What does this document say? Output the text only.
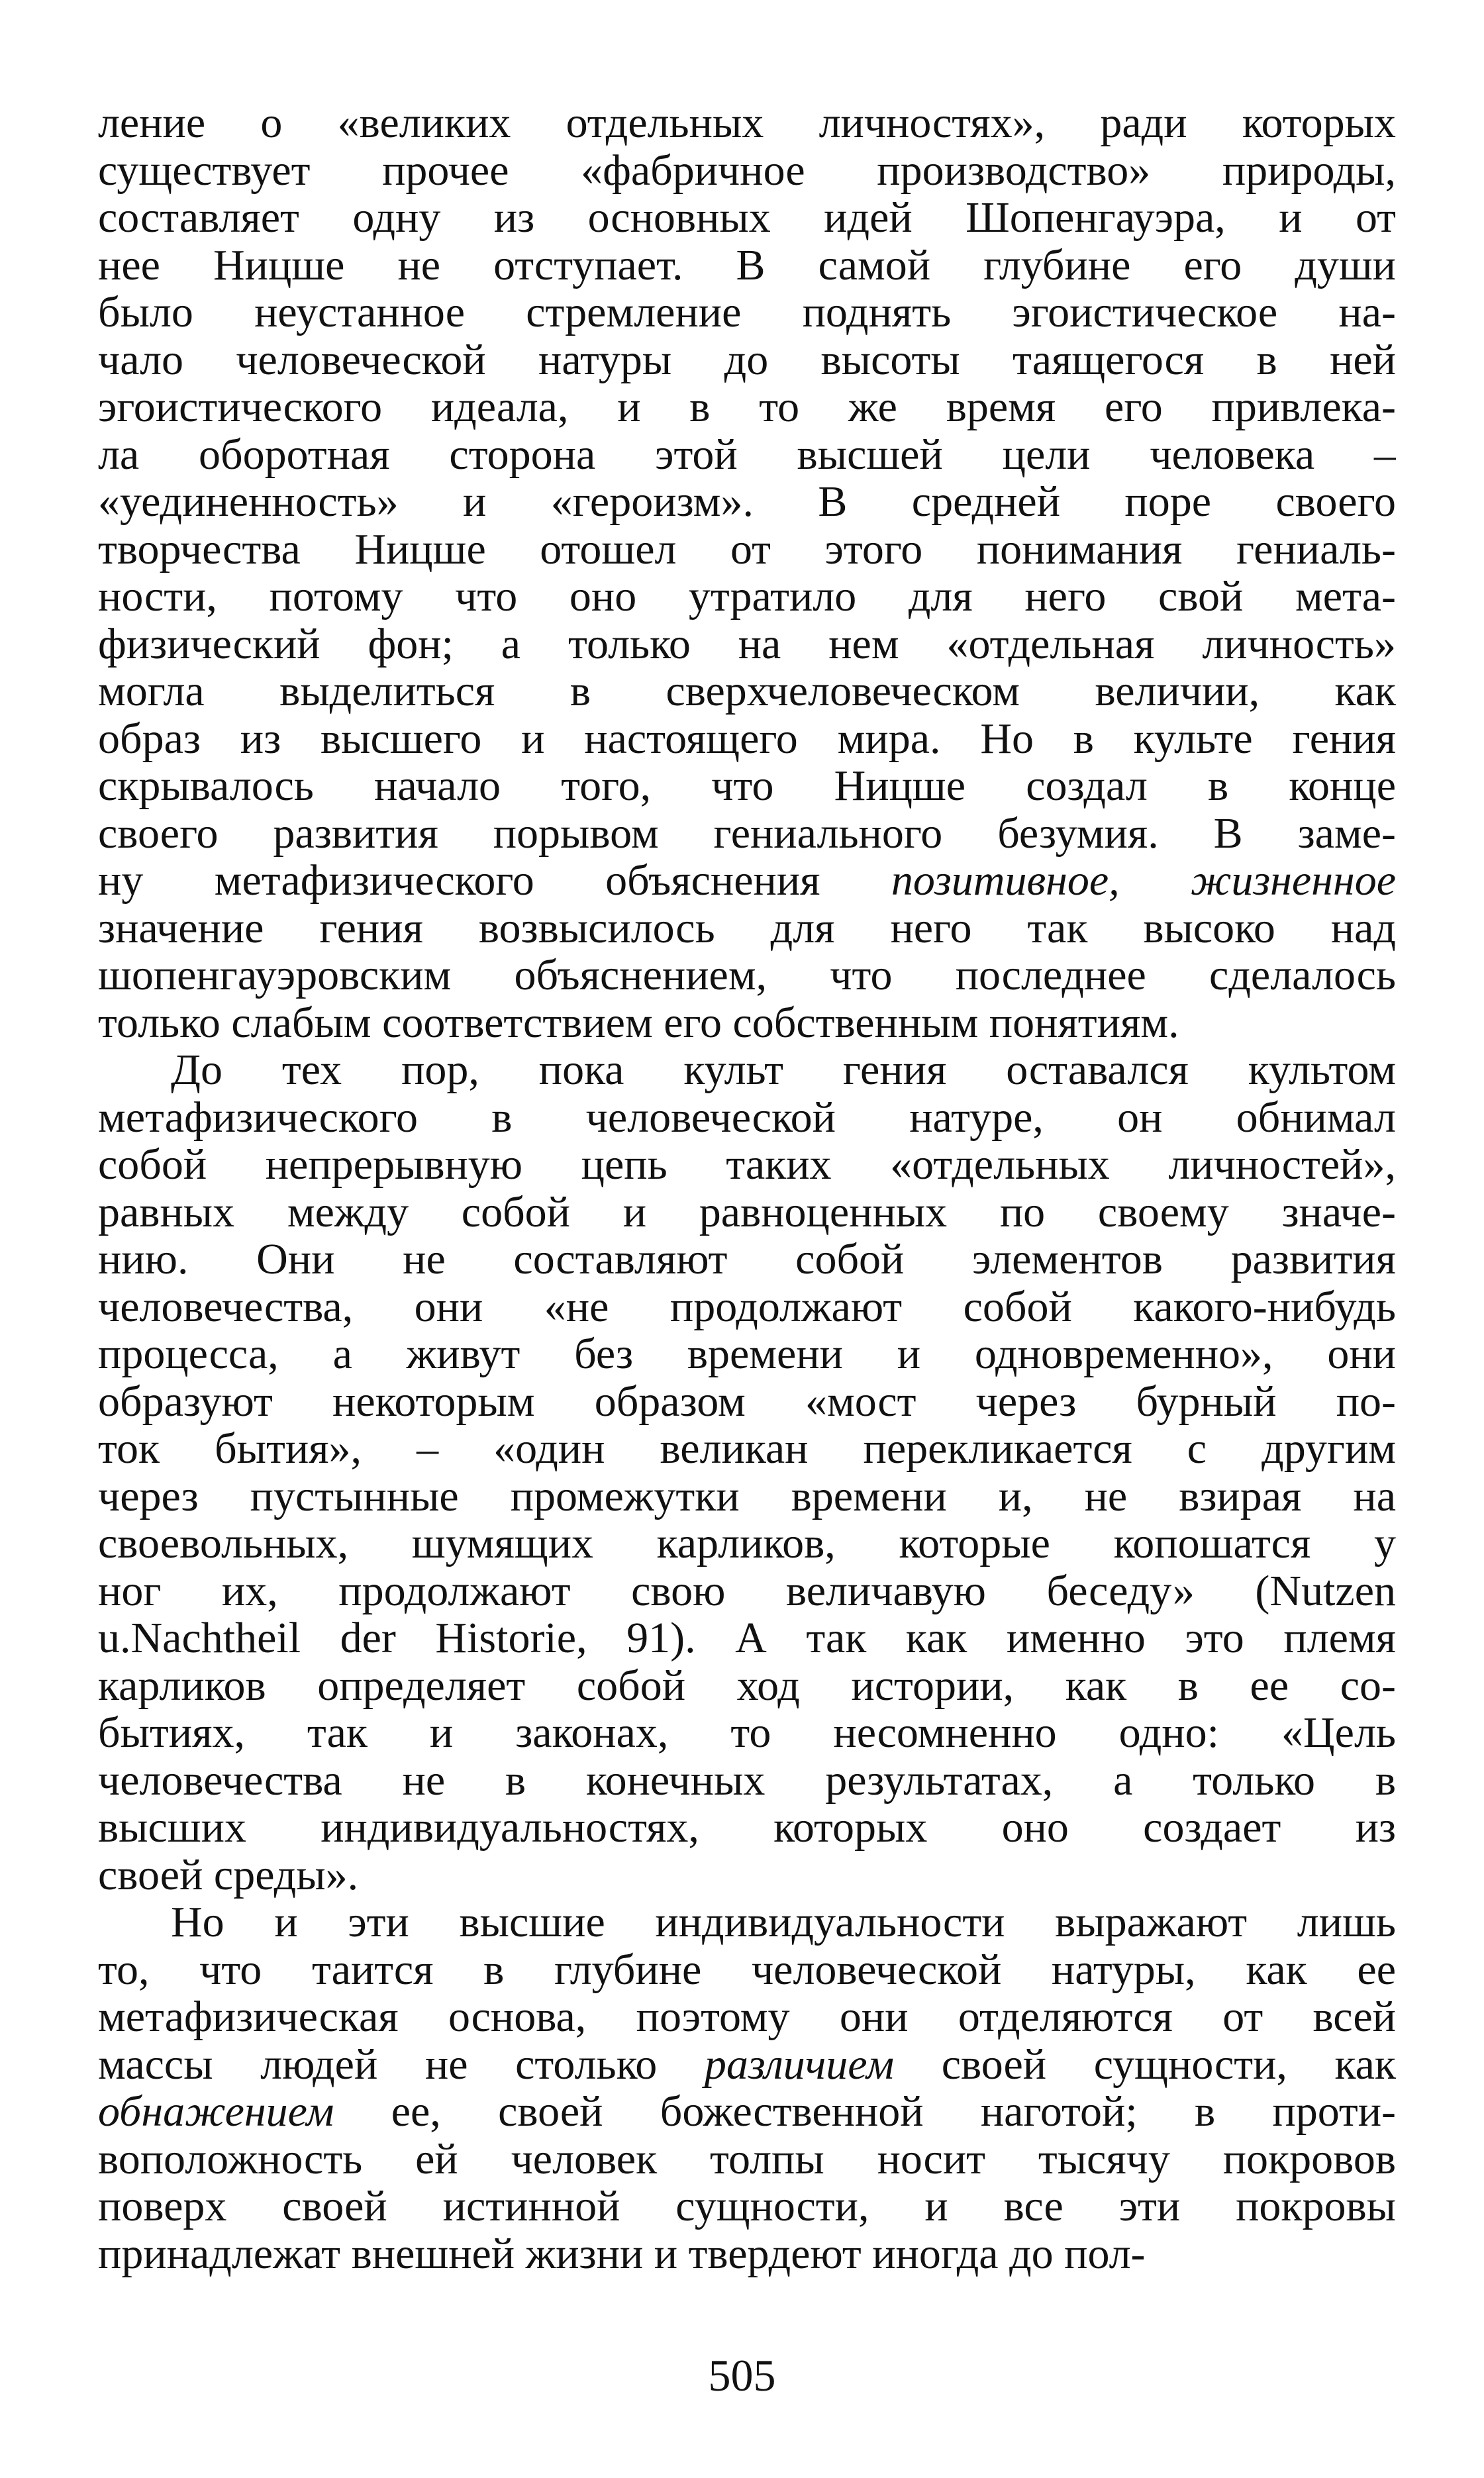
ление о «великих отдельных личностях», ради которых
существует прочее «фабричное производство» природы,
составляет одну из основных идей Шопенгауэра, и от
нее Ницше не отступает. В самой глубине его души
было неустанное стремление поднять эгоистическое на-
чало человеческой натуры до высоты таящегося в ней
эгоистического идеала, и в то же время его привлека-
ла оборотная сторона этой высшей цели человека –
«уединенность» и «героизм». В средней поре своего
творчества Ницше отошел от этого понимания гениаль-
ности, потому что оно утратило для него свой мета-
физический фон; а только на нем «отдельная личность»
могла выделиться в сверхчеловеческом величии, как
образ из высшего и настоящего мира. Но в культе гения
скрывалось начало того, что Ницше создал в конце
своего развития порывом гениального безумия. В заме-
ну метафизического объяснения позитивное, жизненное
значение гения возвысилось для него так высоко над
шопенгауэровским объяснением, что последнее сделалось
только слабым соответствием его собственным понятиям.
До тех пор, пока культ гения оставался культом
метафизического в человеческой натуре, он обнимал
собой непрерывную цепь таких «отдельных личностей»,
равных между собой и равноценных по своему значе-
нию. Они не составляют собой элементов развития
человечества, они «не продолжают собой какого-нибудь
процесса, а живут без времени и одновременно», они
образуют некоторым образом «мост через бурный по-
ток бытия», – «один великан перекликается с другим
через пустынные промежутки времени и, не взирая на
своевольных, шумящих карликов, которые копошатся у
ног их, продолжают свою величавую беседу» (Nutzen
u.Nachtheil der Historie, 91). А так как именно это племя
карликов определяет собой ход истории, как в ее со-
бытиях, так и законах, то несомненно одно: «Цель
человечества не в конечных результатах, а только в
высших индивидуальностях, которых оно создает из
своей среды».
Но и эти высшие индивидуальности выражают лишь
то, что таится в глубине человеческой натуры, как ее
метафизическая основа, поэтому они отделяются от всей
массы людей не столько различием своей сущности, как
обнажением ее, своей божественной наготой; в проти-
воположность ей человек толпы носит тысячу покровов
поверх своей истинной сущности, и все эти покровы
принадлежат внешней жизни и твердеют иногда до пол-
505
